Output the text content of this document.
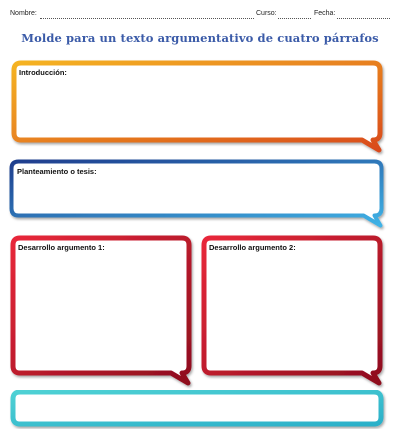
Nombre:	Curso:	Fecha:
Molde para un texto argumentativo de cuatro párrafos
Introducción:
Planteamiento o tesis:
Desarrollo argumento 1:	Desarrollo argumento 2:
